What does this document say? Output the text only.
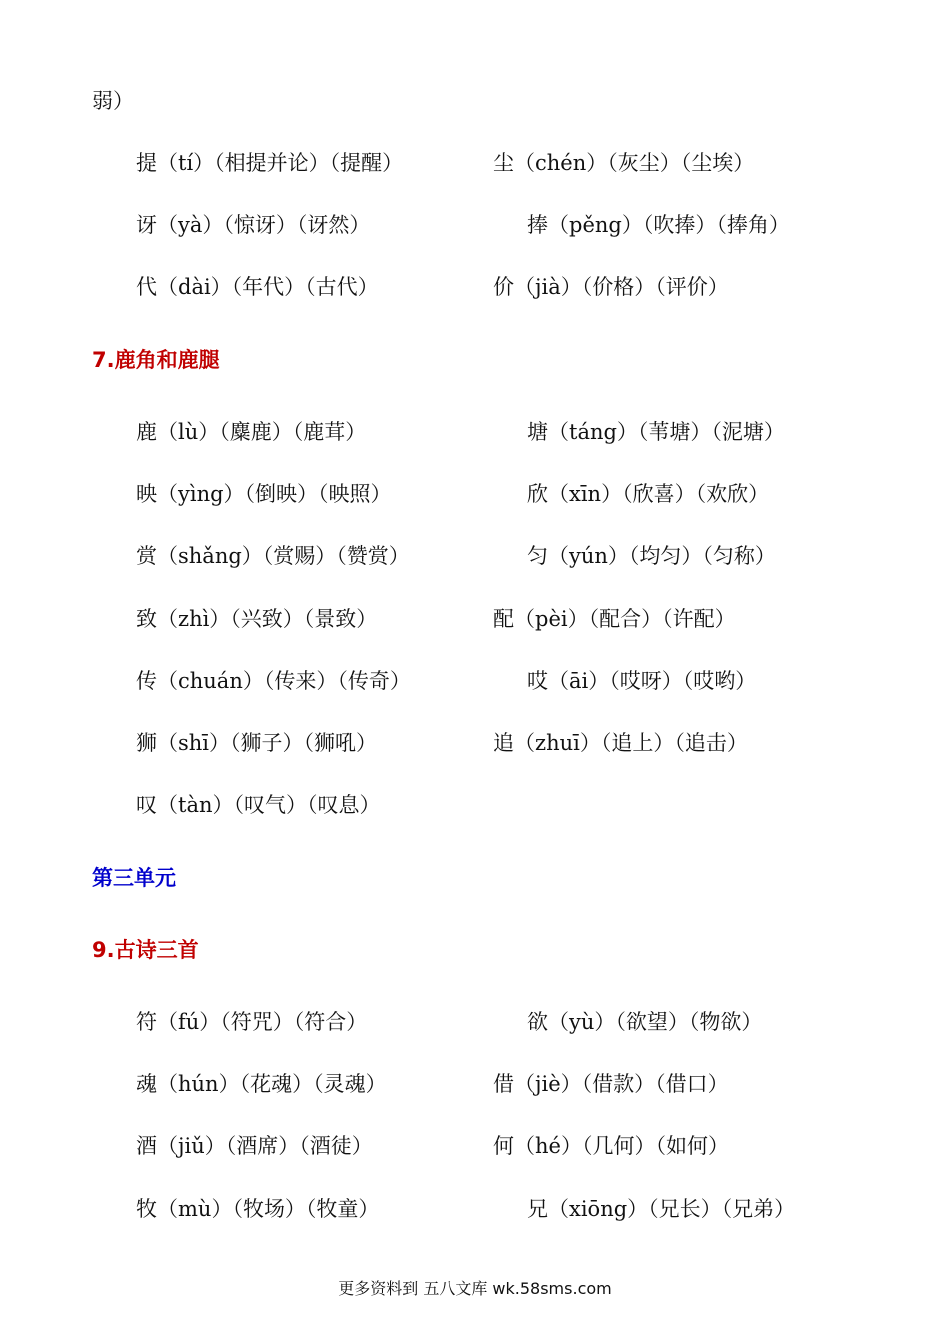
弱）
提（tí）（相提并论）（提醒）	尘（chén）（灰尘）（尘埃）
讶（yà）（惊讶）（讶然）	捧（pěng）（吹捧）（捧角）
代（dài）（年代）（古代）	价（jià）（价格）（评价）
7.鹿角和鹿腿
鹿（lù）（麋鹿）（鹿茸）	塘（táng）（苇塘）（泥塘）
映（yìng）（倒映）（映照）	欣（xīn）（欣喜）（欢欣）
赏（shǎng）（赏赐）（赞赏）	匀（yún）（均匀）（匀称）
致（zhì）（兴致）（景致）	配（pèi）（配合）（许配）
传（chuán）（传来）（传奇）	哎（āi）（哎呀）（哎哟）
狮（shī）（狮子）（狮吼）	追（zhuī）（追上）（追击）
叹（tàn）（叹气）（叹息）
第三单元
9.古诗三首
符（fú）（符咒）（符合）	欲（yù）（欲望）（物欲）
魂（hún）（花魂）（灵魂）	借（jiè）（借款）（借口）
酒（jiǔ）（酒席）（酒徒）	何（hé）（几何）（如何）
牧（mù）（牧场）（牧童）	兄（xiōng）（兄长）（兄弟）
更多资料到 五八文库 wk.58sms.com
